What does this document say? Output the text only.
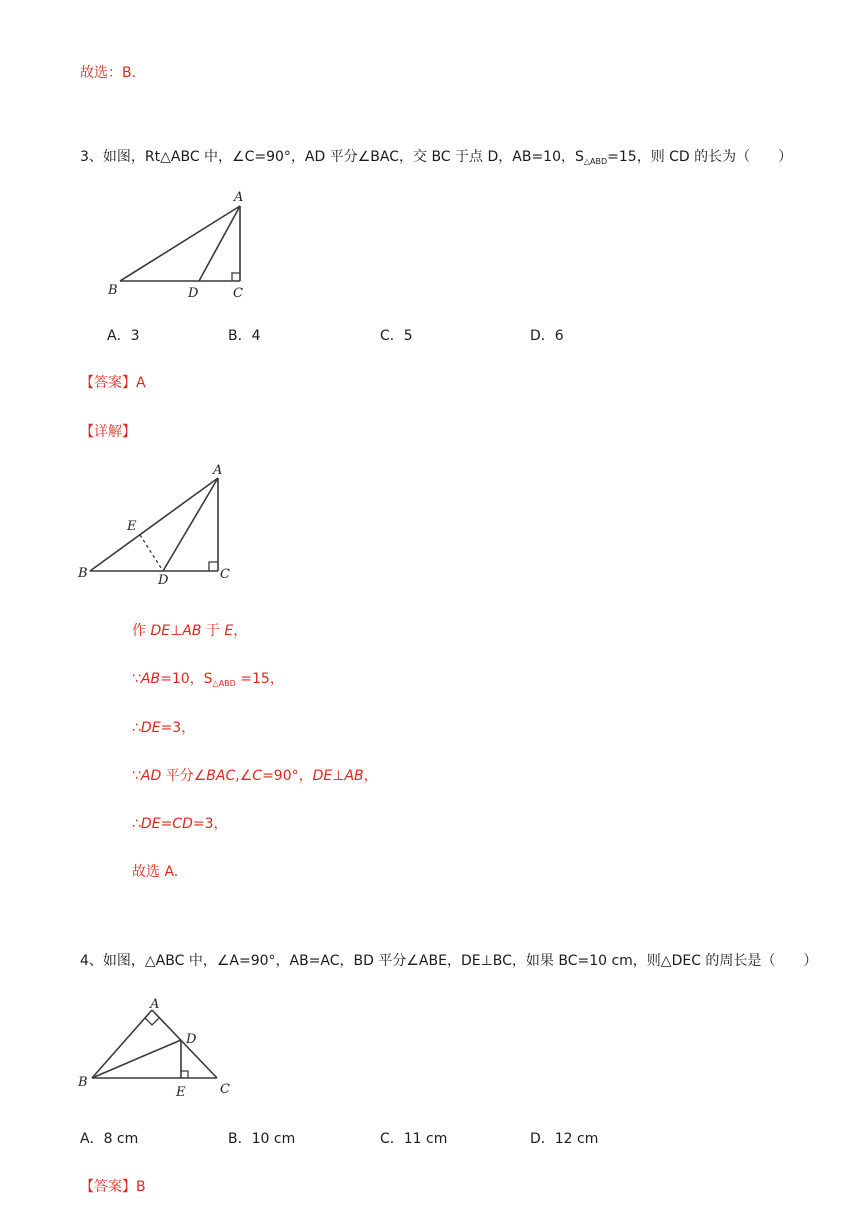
故选：B.
3、如图，Rt△ABC 中，∠C=90°，AD 平分∠BAC，交 BC 于点 D，AB=10，$S_{\triangle ABD}=15$，则 CD 的长为（　　）
A
B	D	C
A．3	B．4	C．5	D．6
【答案】A
【详解】
A
E
B	D	C
作 DE⊥AB 于 E，
∵AB=10，$S_{\triangle ABD} =15$，
∴DE=3，
∵AD 平分∠BAC,∠C=90°，DE⊥AB，
∴DE=CD=3，
故选 A.
4、如图，△ABC 中，∠A=90°，AB=AC，BD 平分∠ABE，DE⊥BC，如果 BC=10 cm，则△DEC 的周长是（　　）
A
D
B
E	C
A．8 cm	B．10 cm	C．11 cm	D．12 cm
【答案】B
